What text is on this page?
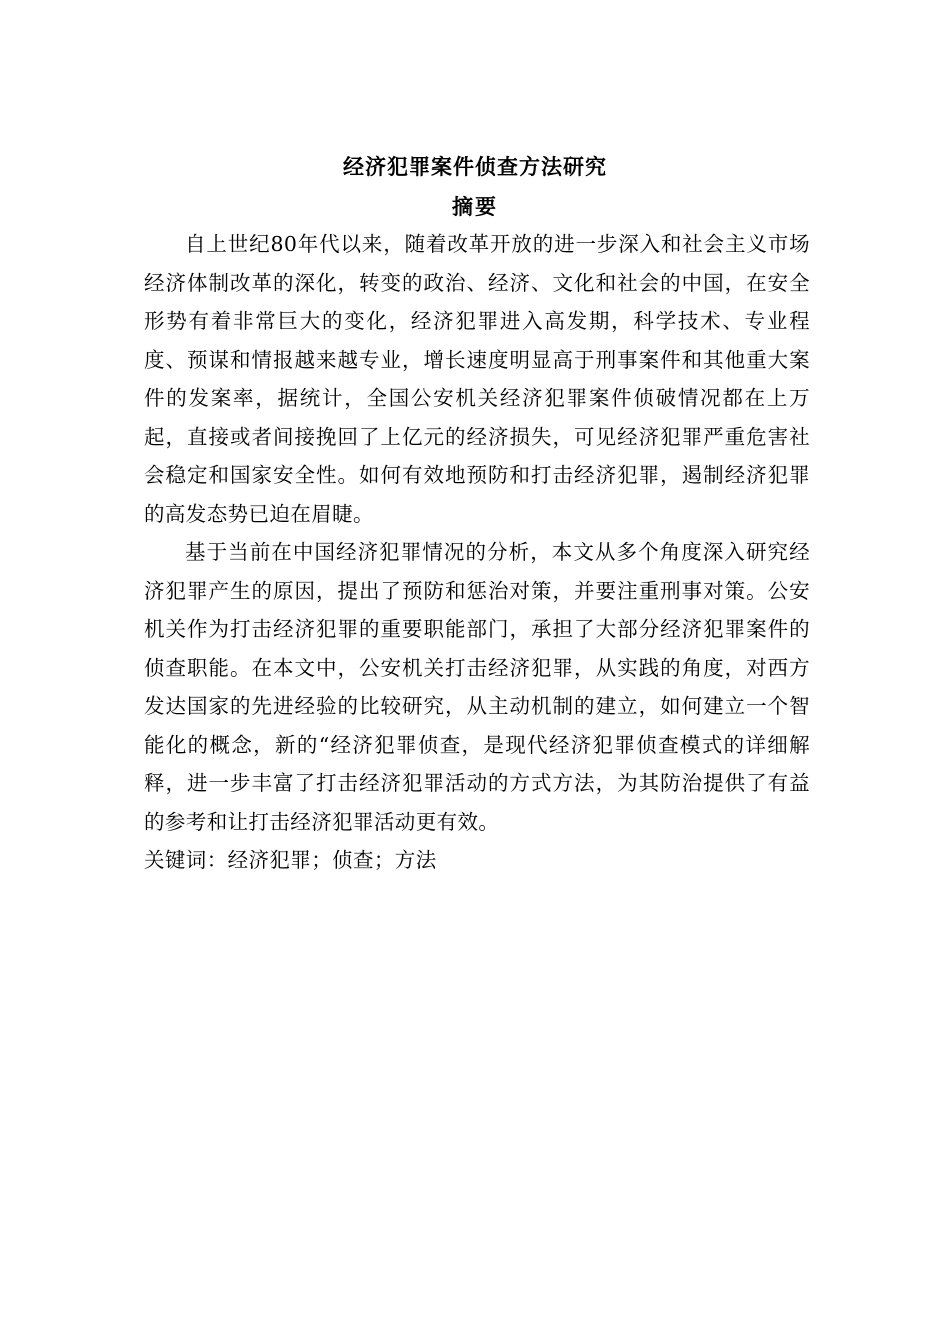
经济犯罪案件侦查方法研究
摘要

自上世纪80年代以来，随着改革开放的进一步深入和社会主义市场经济体制改革的深化，转变的政治、经济、文化和社会的中国，在安全形势有着非常巨大的变化，经济犯罪进入高发期，科学技术、专业程度、预谋和情报越来越专业，增长速度明显高于刑事案件和其他重大案件的发案率，据统计，全国公安机关经济犯罪案件侦破情况都在上万起，直接或者间接挽回了上亿元的经济损失，可见经济犯罪严重危害社会稳定和国家安全性。如何有效地预防和打击经济犯罪，遏制经济犯罪的高发态势已迫在眉睫。

基于当前在中国经济犯罪情况的分析，本文从多个角度深入研究经济犯罪产生的原因，提出了预防和惩治对策，并要注重刑事对策。公安机关作为打击经济犯罪的重要职能部门，承担了大部分经济犯罪案件的侦查职能。在本文中，公安机关打击经济犯罪，从实践的角度，对西方发达国家的先进经验的比较研究，从主动机制的建立，如何建立一个智能化的概念，新的“经济犯罪侦查，是现代经济犯罪侦查模式的详细解释，进一步丰富了打击经济犯罪活动的方式方法，为其防治提供了有益的参考和让打击经济犯罪活动更有效。

关键词：经济犯罪；侦查；方法
